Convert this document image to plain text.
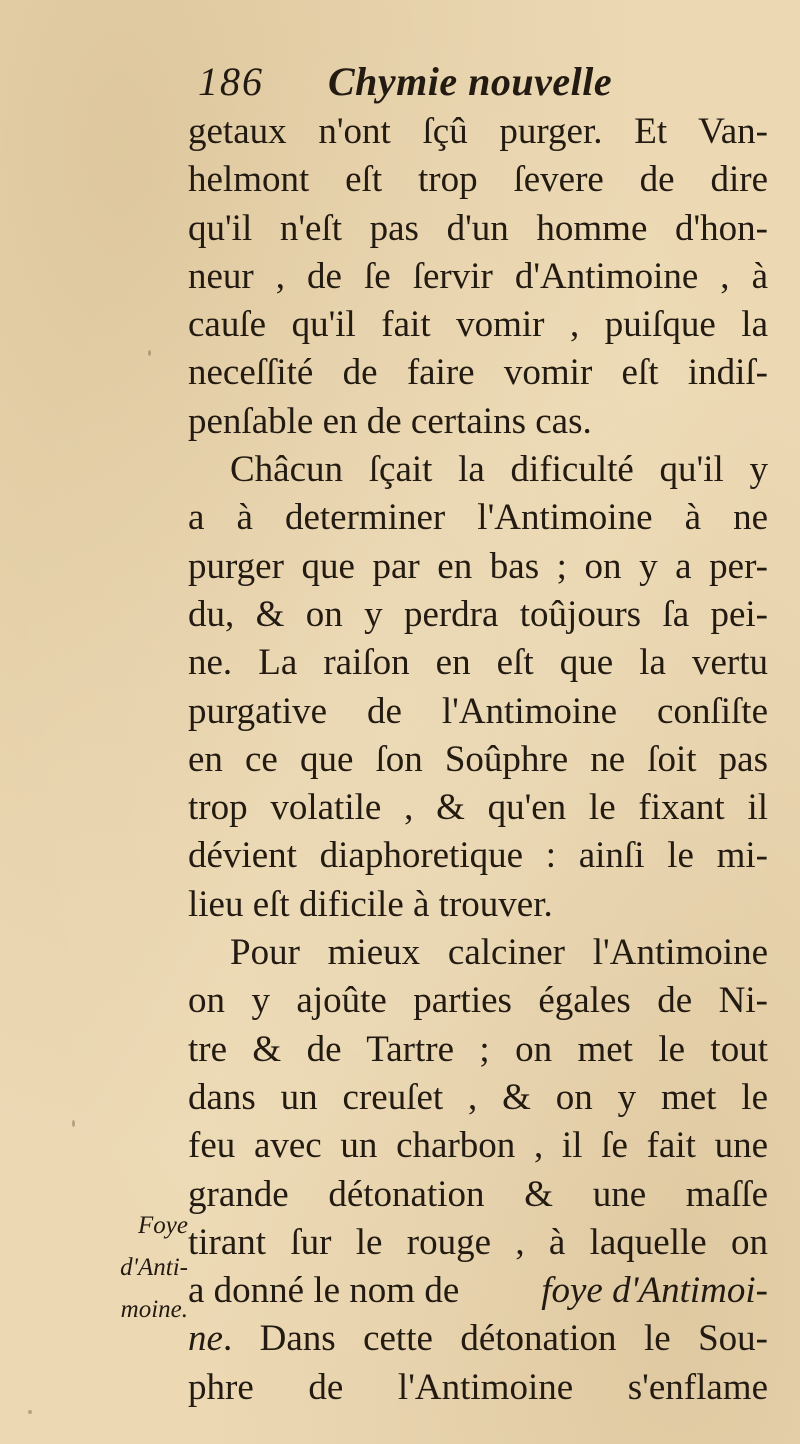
186 Chymie nouvelle
getaux n'ont ſçû purger. Et Van-
helmont eſt trop ſevere de dire
qu'il n'eſt pas d'un homme d'hon-
neur , de ſe ſervir d'Antimoine , à
cauſe qu'il fait vomir , puiſque la
neceſſité de faire vomir eſt indiſ-
penſable en de certains cas.
Châcun ſçait la dificulté qu'il y
a à determiner l'Antimoine à ne
purger que par en bas ; on y a per-
du, & on y perdra toûjours ſa pei-
ne. La raiſon en eſt que la vertu
purgative de l'Antimoine conſiſte
en ce que ſon Soûphre ne ſoit pas
trop volatile , & qu'en le fixant il
dévient diaphoretique : ainſi le mi-
lieu eſt dificile à trouver.
Pour mieux calciner l'Antimoine
on y ajoûte parties égales de Ni-
tre & de Tartre ; on met le tout
dans un creuſet , & on y met le
feu avec un charbon , il ſe fait une
grande détonation & une maſſe
tirant ſur le rouge , à laquelle on
a donné le nom de foye d'Antimoi-
ne. Dans cette détonation le Sou-
phre de l'Antimoine s'enflame
Foye
d'Anti-
moine.
